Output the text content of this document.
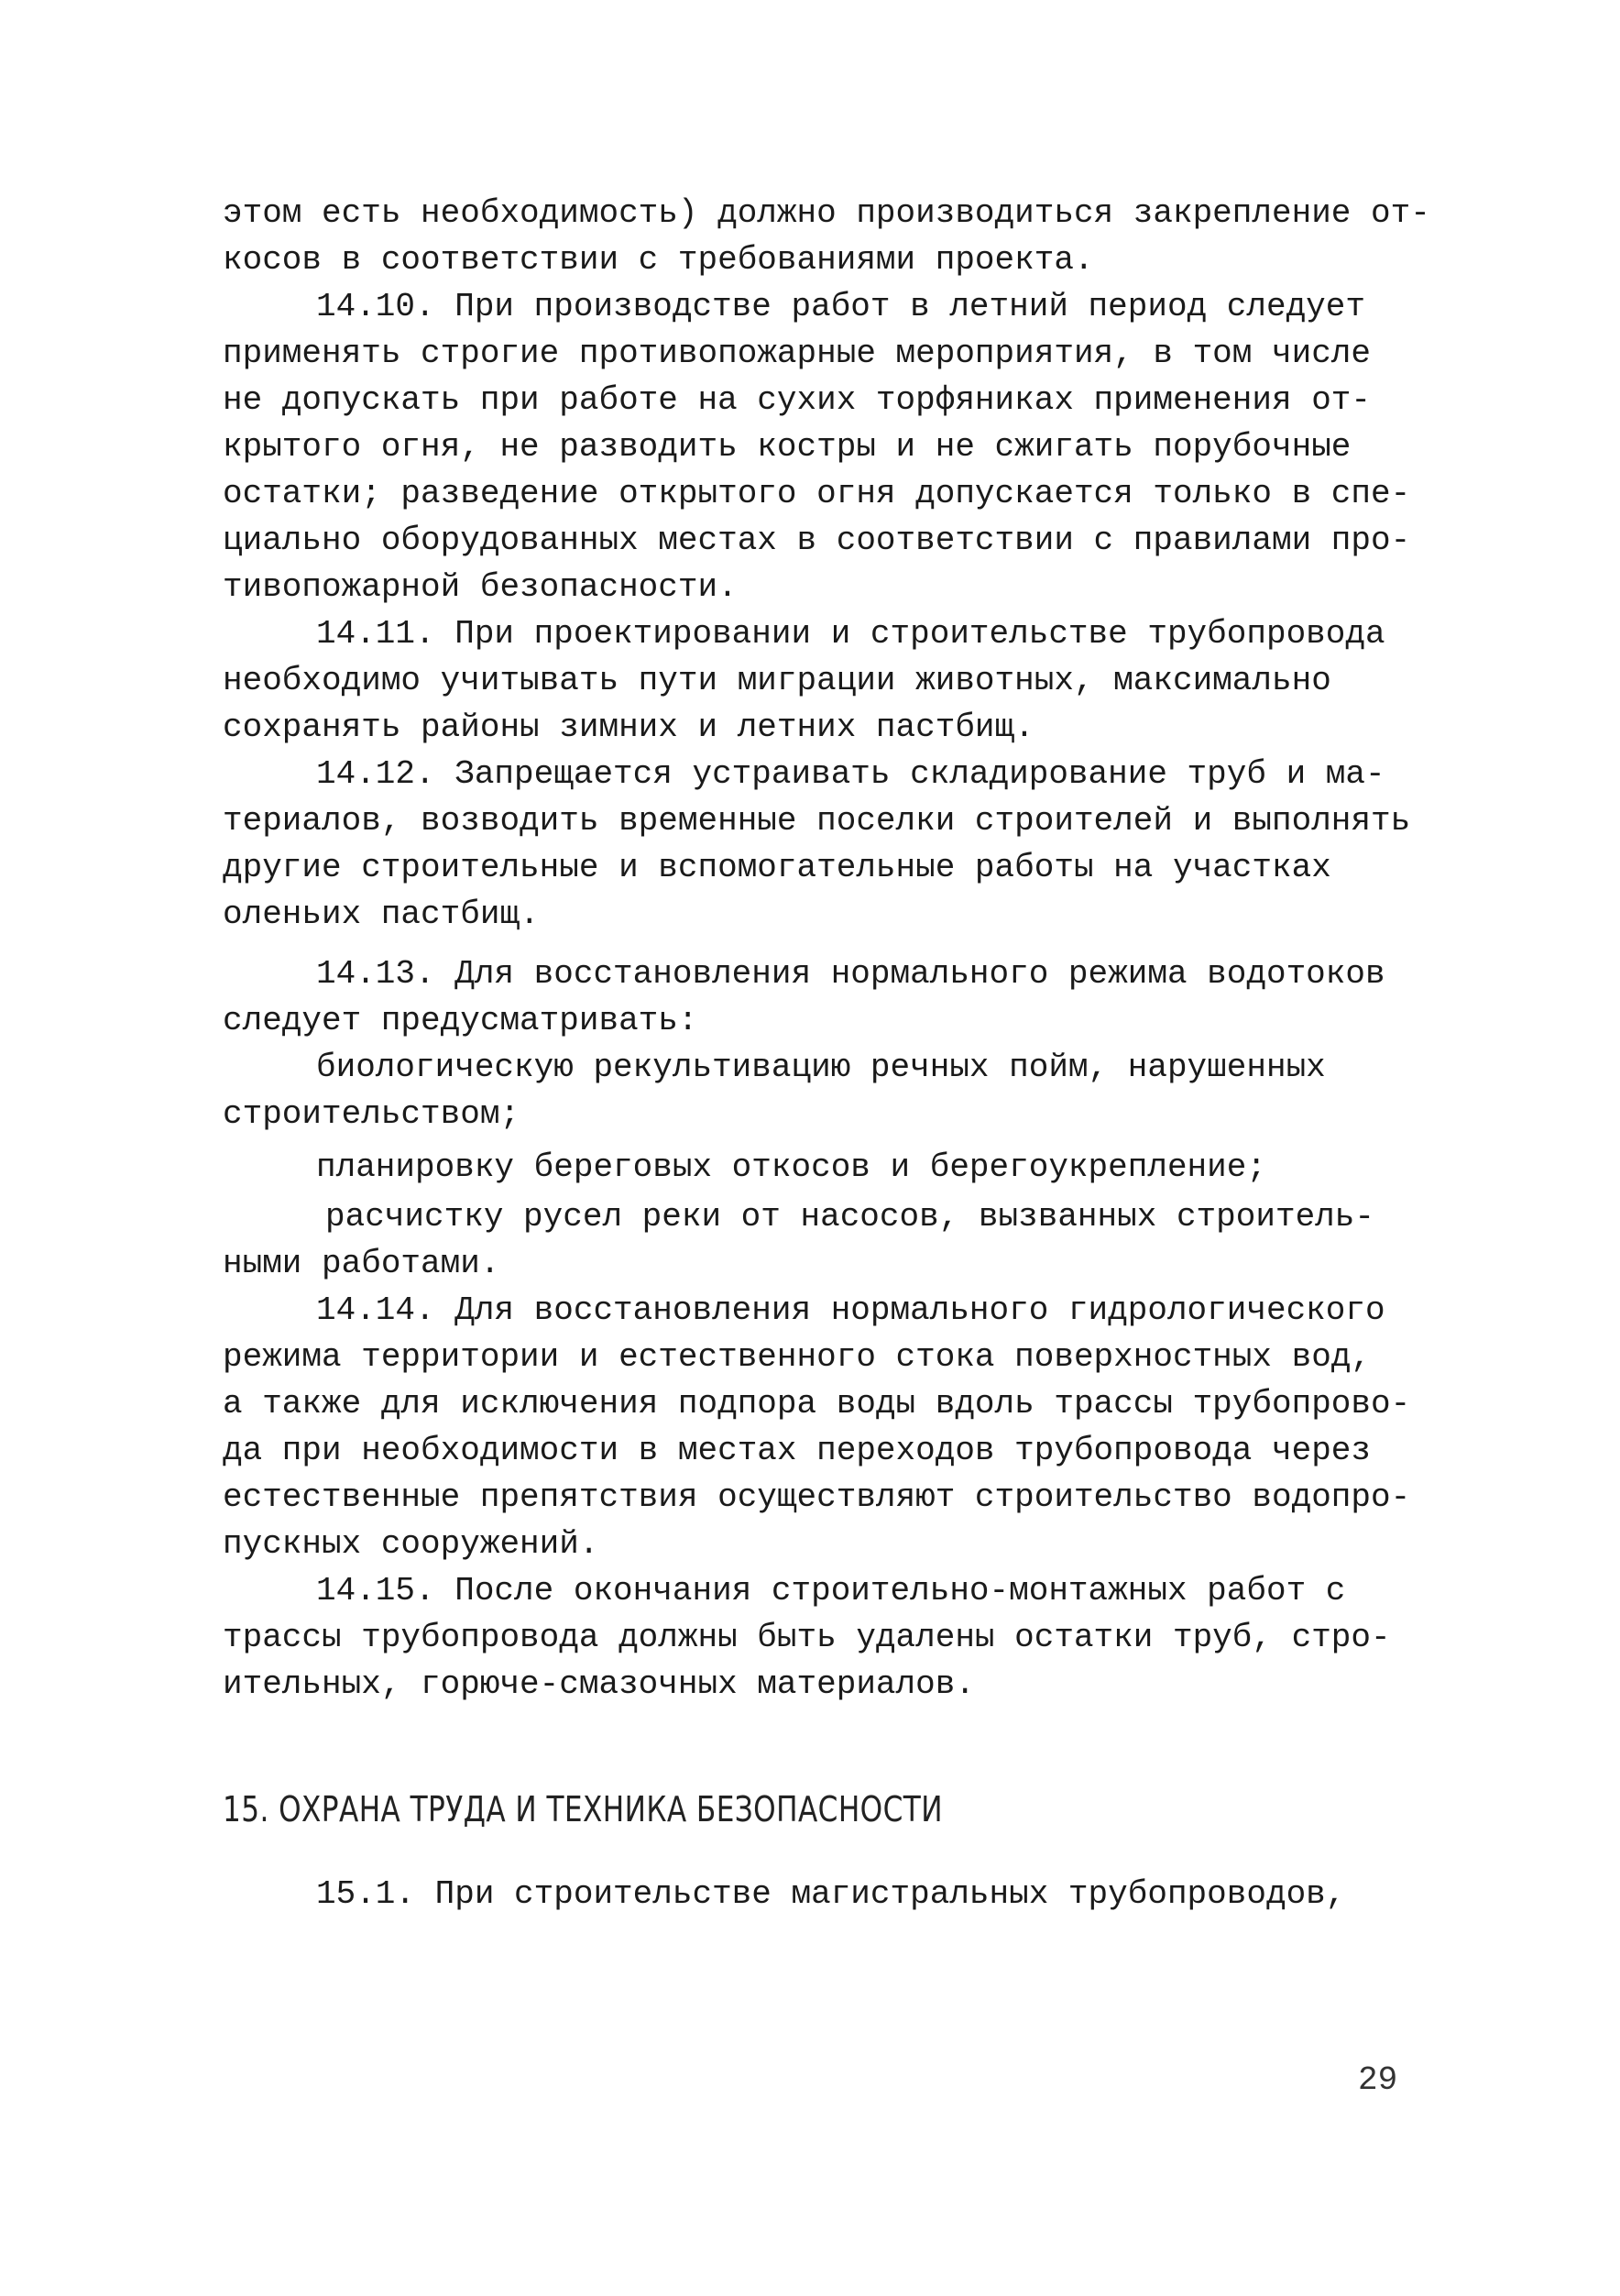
этом есть необходимость) должно производиться закрепление от-
косов в соответствии с требованиями проекта.
14.10. При производстве работ в летний период следует
применять строгие противопожарные мероприятия, в том числе
не допускать при работе на сухих торфяниках применения от-
крытого огня, не разводить костры и не сжигать порубочные
остатки; разведение открытого огня допускается только в спе-
циально оборудованных местах в соответствии с правилами про-
тивопожарной безопасности.
14.11. При проектировании и строительстве трубопровода
необходимо учитывать пути миграции животных, максимально
сохранять районы зимних и летних пастбищ.
14.12. Запрещается устраивать складирование труб и ма-
териалов, возводить временные поселки строителей и выполнять
другие строительные и вспомогательные работы на участках
оленьих пастбищ.
14.13. Для восстановления нормального режима водотоков
следует предусматривать:
биологическую рекультивацию речных пойм, нарушенных
строительством;
планировку береговых откосов и берегоукрепление;
расчистку русел реки от насосов, вызванных строитель-
ными работами.
14.14. Для восстановления нормального гидрологического
режима территории и естественного стока поверхностных вод,
а также для исключения подпора воды вдоль трассы трубопрово-
да при необходимости в местах переходов трубопровода через
естественные препятствия осуществляют строительство водопро-
пускных сооружений.
14.15. После окончания строительно-монтажных работ с
трассы трубопровода должны быть удалены остатки труб, стро-
ительных, горюче-смазочных материалов.
15. ОХРАНА ТРУДА И ТЕХНИКА БЕЗОПАСНОСТИ
15.1. При строительстве магистральных трубопроводов,
29
